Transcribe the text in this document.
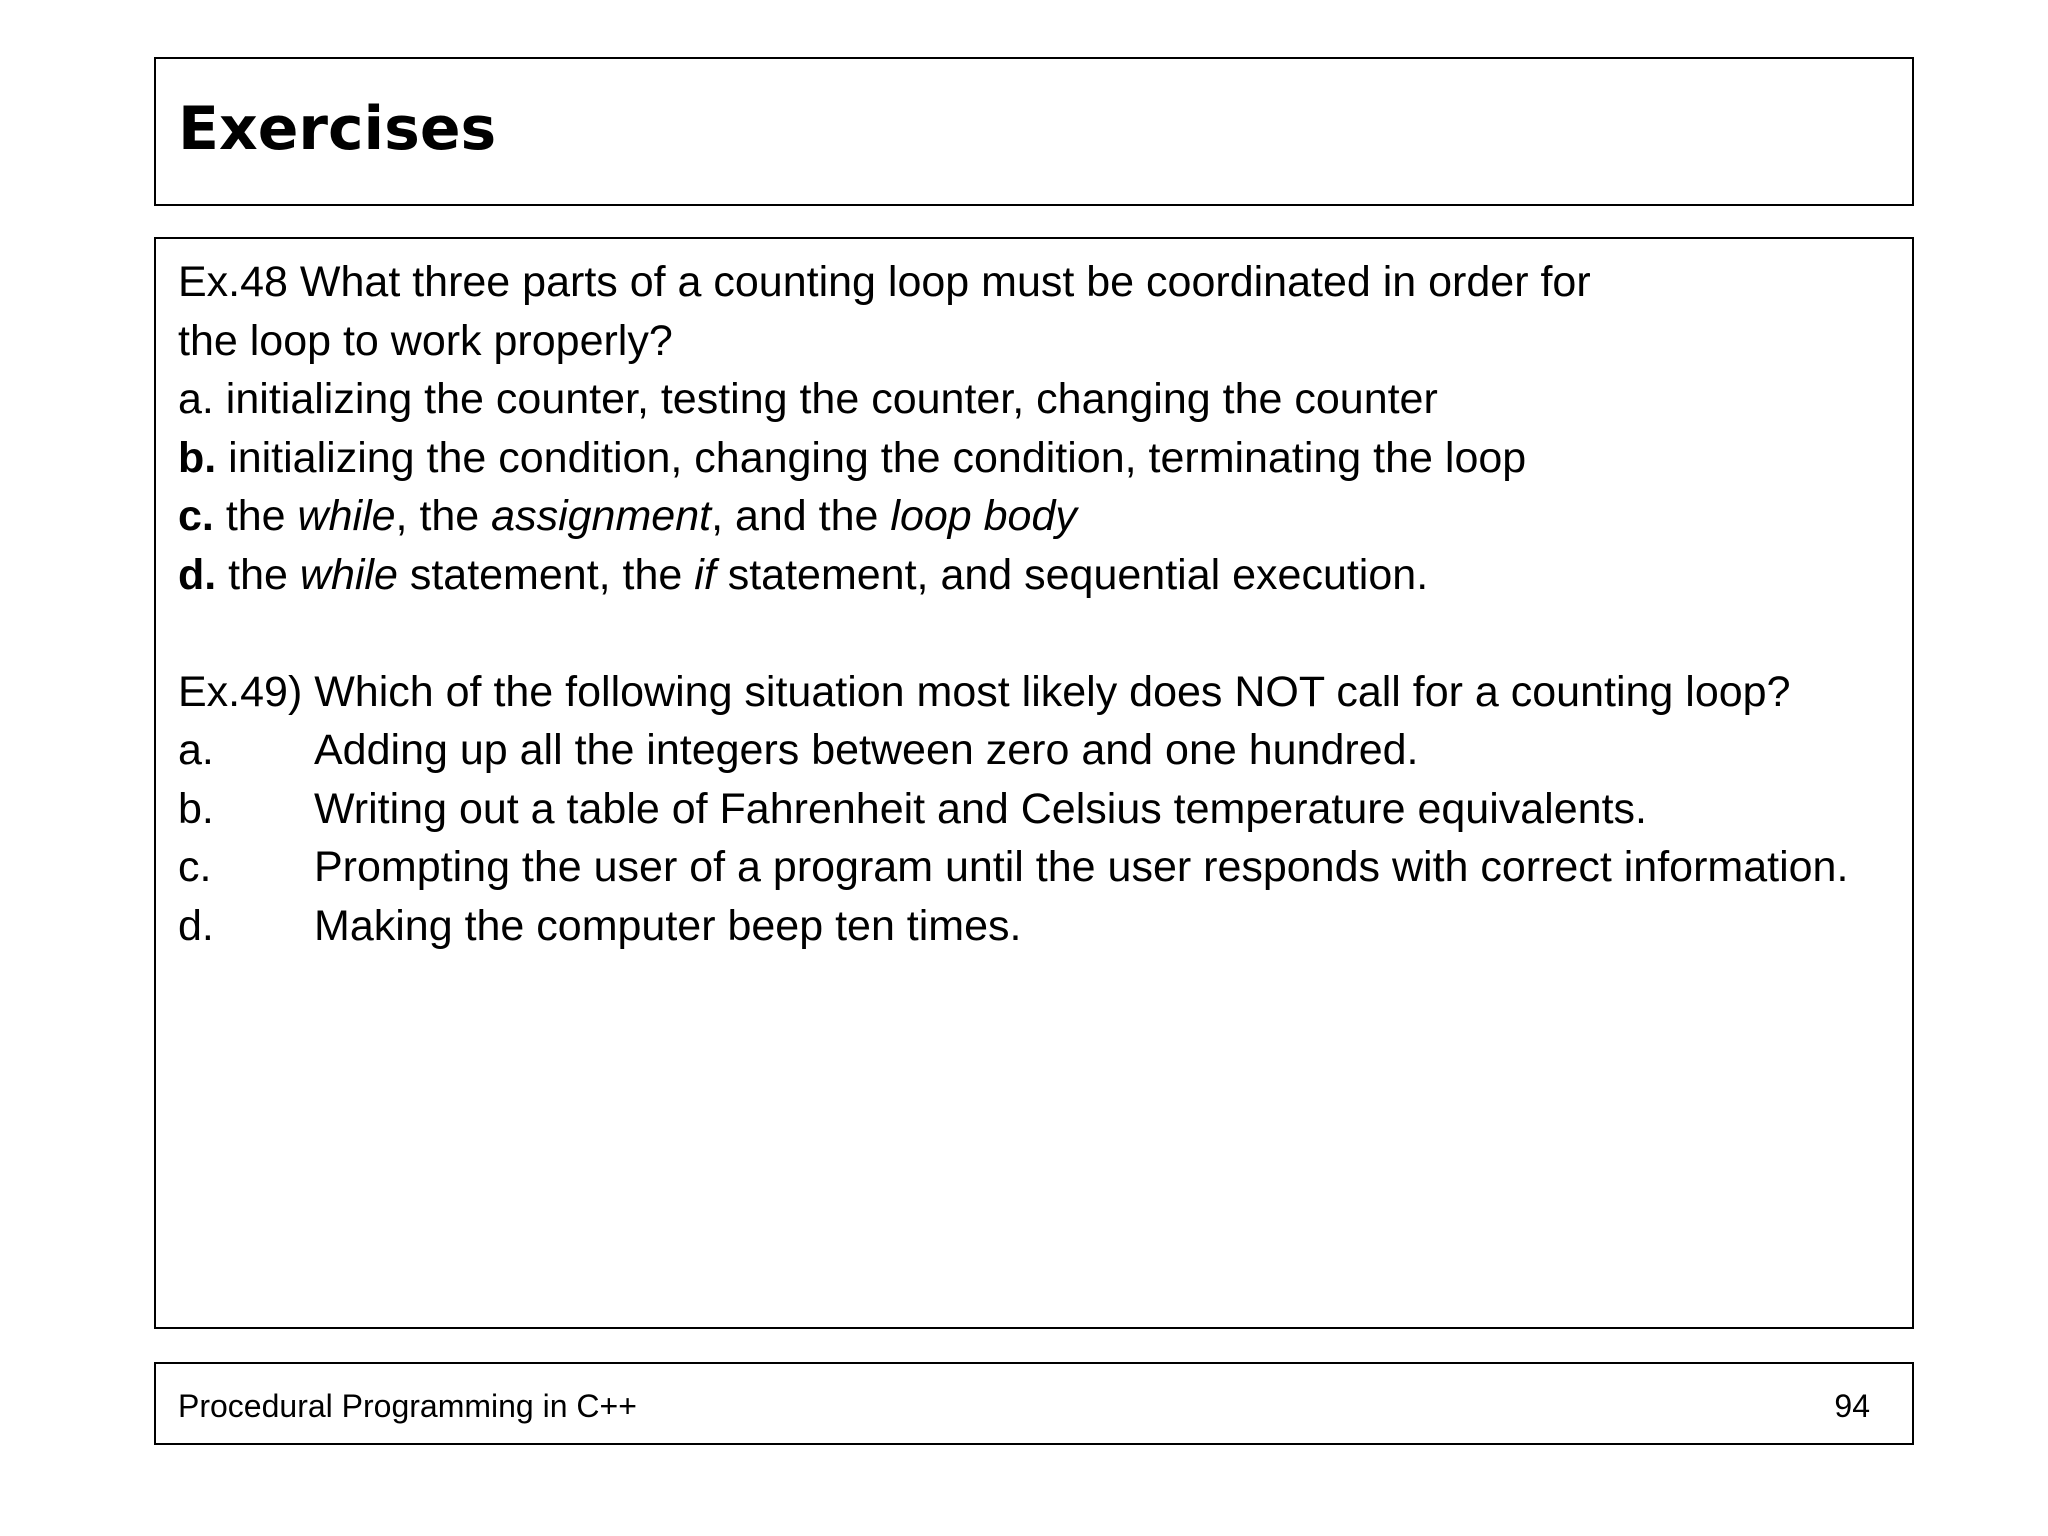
Exercises

Ex.48 What three parts of a counting loop must be coordinated in order for

the loop to work properly?

a. initializing the counter, testing the counter, changing the counter

b. initializing the condition, changing the condition, terminating the loop

c. the while, the assignment, and the loop body

d. the while statement, the if statement, and sequential execution.

Ex.49) Which of the following situation most likely does NOT call for a counting loop?

a.	Adding up all the integers between zero and one hundred.
b.	Writing out a table of Fahrenheit and Celsius temperature equivalents.
c.	Prompting the user of a program until the user responds with correct information.
d.	Making the computer beep ten times.
Procedural Programming in C++	94
